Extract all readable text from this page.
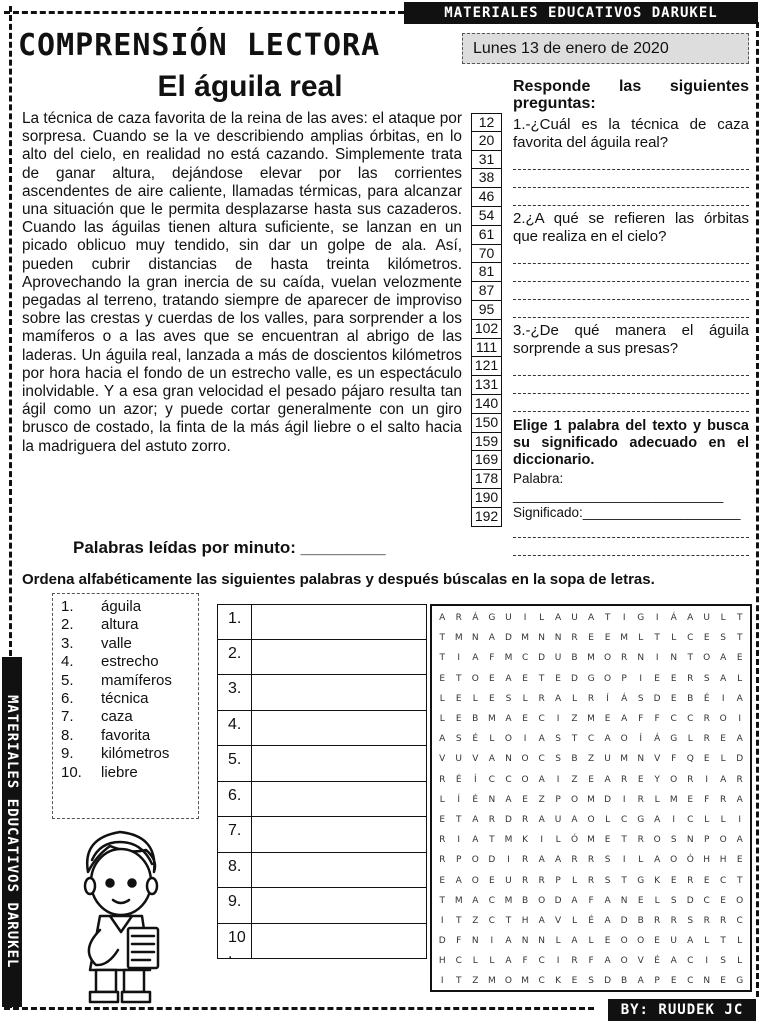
MATERIALES EDUCATIVOS DARUKEL
MATERIALES EDUCATIVOS DARUKEL
BY: RUUDEK JC
COMPRENSIÓN LECTORA	Lunes 13 de enero de 2020
El águila real
La técnica de caza favorita de la reina de las aves: el ataque por sorpresa. Cuando se la ve describiendo amplias órbitas, en lo alto del cielo, en realidad no está cazando. Simplemente trata de ganar altura, dejándose elevar por las corrientes ascendentes de aire caliente, llamadas térmicas, para alcanzar una situación que le permita desplazarse hasta sus cazaderos. Cuando las águilas tienen altura suficiente, se lanzan en un picado oblicuo muy tendido, sin dar un golpe de ala. Así, pueden cubrir distancias de hasta treinta kilómetros. Aprovechando la gran inercia de su caída, vuelan velozmente pegadas al terreno, tratando siempre de aparecer de improviso sobre las crestas y cuerdas de los valles, para sorprender a los mamíferos o a las aves que se encuentran al abrigo de las laderas. Un águila real, lanzada a más de doscientos kilómetros por hora hacia el fondo de un estrecho valle, es un espectáculo inolvidable. Y a esa gran velocidad el pesado pájaro resulta tan ágil como un azor; y puede cortar generalmente con un giro brusco de costado, la finta de la más ágil liebre o el salto hacia la madriguera del astuto zorro.
12
20
31
38
46
54
61
70
81
87
95
102
111
121
131
140
150
159
169
178
190
192
Palabras leídas por minuto: _________
Responde las siguientes preguntas:
1.-¿Cuál es la técnica de caza favorita del águila real?
2.¿A qué se refieren las órbitas que realiza en el cielo?
3.-¿De qué manera el águila sorprende a sus presas?
Elige 1 palabra del texto y busca su significado adecuado en el diccionario.
Palabra:
____________________________
Significado:_____________________
Ordena alfabéticamente las siguientes palabras y después búscalas en la sopa de letras.
1. águila
2. altura
3. valle
4. estrecho
5. mamíferos
6. técnica
7. caza
8. favorita
9. kilómetros
10. liebre
1.
2.
3.
4.
5.
6.
7.
8.
9.
10
.
A	R	Á	G	U	I	L	A	U	A	T	I	G	I	Á	A	U	L	T
T	M	N	A	D	M	N	N	R	E	E	M	L	T	L	C	E	S	T
T	I	A	F	M	C	D	U	B	M	O	R	N	I	N	T	O	A	E
E	T	O	E	A	E	T	E	D	G	O	P	I	E	E	R	S	A	L
L	E	L	E	S	L	R	A	L	R	Í	Á	S	D	E	B	É	I	A
L	E	B	M	A	E	C	I	Z	M	E	A	F	F	C	C	R	O	I
A	S	É	L	O	I	A	S	T	C	A	O	Í	Á	G	L	R	E	A
V	U	V	A	N	O	C	S	B	Z	U	M	N	V	F	Q	E	L	D
R	É	Í	C	C	O	A	I	Z	E	A	R	E	Y	O	R	I	A	R
L	Í	É	N	A	E	Z	P	O	M	D	I	R	L	M	E	F	R	A
E	T	A	R	D	R	A	U	A	O	L	C	G	A	I	C	L	L	I
R	I	A	T	M	K	I	L	Ó	M	E	T	R	O	S	N	P	O	A
R	P	O	D	I	R	A	A	R	R	S	I	L	A	O	Ó	H	H	E
E	A	O	E	U	R	R	P	L	R	S	T	G	K	E	R	E	C	T
T	M	A	C	M	B	O	D	A	F	A	N	E	L	S	D	C	E	O
I	T	Z	C	T	H	A	V	L	É	A	D	B	R	R	S	R	R	C
D	F	N	I	A	N	N	L	A	L	E	O	O	E	U	A	L	T	L
H	C	L	L	A	F	C	I	R	F	A	O	V	É	A	C	I	S	L
I	T	Z	M	O	M	C	K	E	S	D	B	A	P	E	C	N	E	G
